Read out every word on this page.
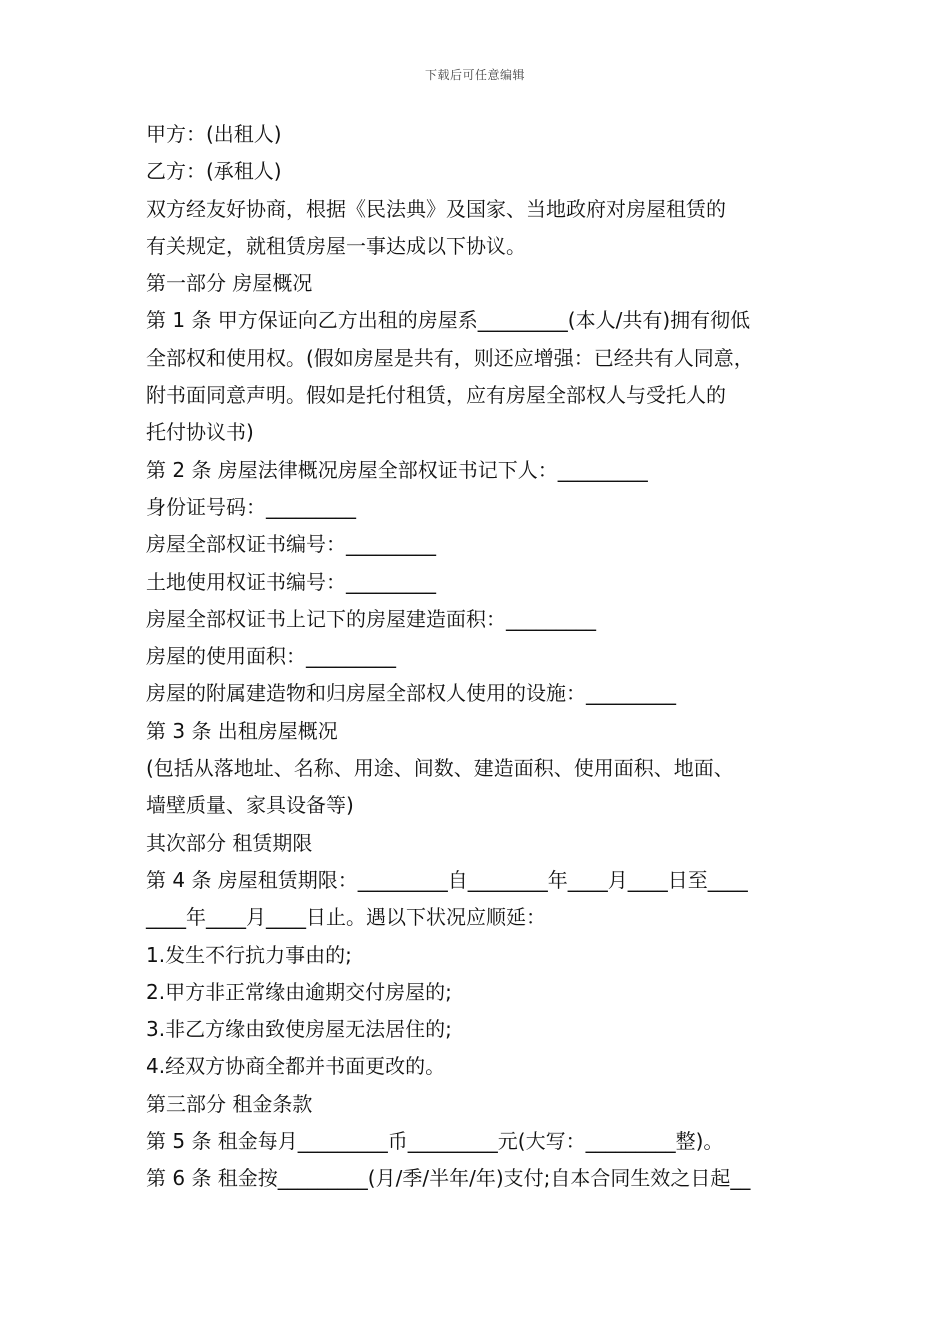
下载后可任意编辑
甲方：(出租人)
乙方：(承租人)
双方经友好协商，根据《民法典》及国家、当地政府对房屋租赁的
有关规定，就租赁房屋一事达成以下协议。
第一部分 房屋概况
第 1 条 甲方保证向乙方出租的房屋系_________(本人/共有)拥有彻低
全部权和使用权。(假如房屋是共有，则还应增强：已经共有人同意，
附书面同意声明。假如是托付租赁，应有房屋全部权人与受托人的
托付协议书)
第 2 条 房屋法律概况房屋全部权证书记下人：_________
身份证号码：_________
房屋全部权证书编号：_________
土地使用权证书编号：_________
房屋全部权证书上记下的房屋建造面积：_________
房屋的使用面积：_________
房屋的附属建造物和归房屋全部权人使用的设施：_________
第 3 条 出租房屋概况
(包括从落地址、名称、用途、间数、建造面积、使用面积、地面、
墙壁质量、家具设备等)
其次部分 租赁期限
第 4 条 房屋租赁期限：_________自________年____月____日至____
____年____月____日止。遇以下状况应顺延：
1.发生不行抗力事由的;
2.甲方非正常缘由逾期交付房屋的;
3.非乙方缘由致使房屋无法居住的;
4.经双方协商全都并书面更改的。
第三部分 租金条款
第 5 条 租金每月_________币_________元(大写：_________整)。
第 6 条 租金按_________(月/季/半年/年)支付;自本合同生效之日起__
